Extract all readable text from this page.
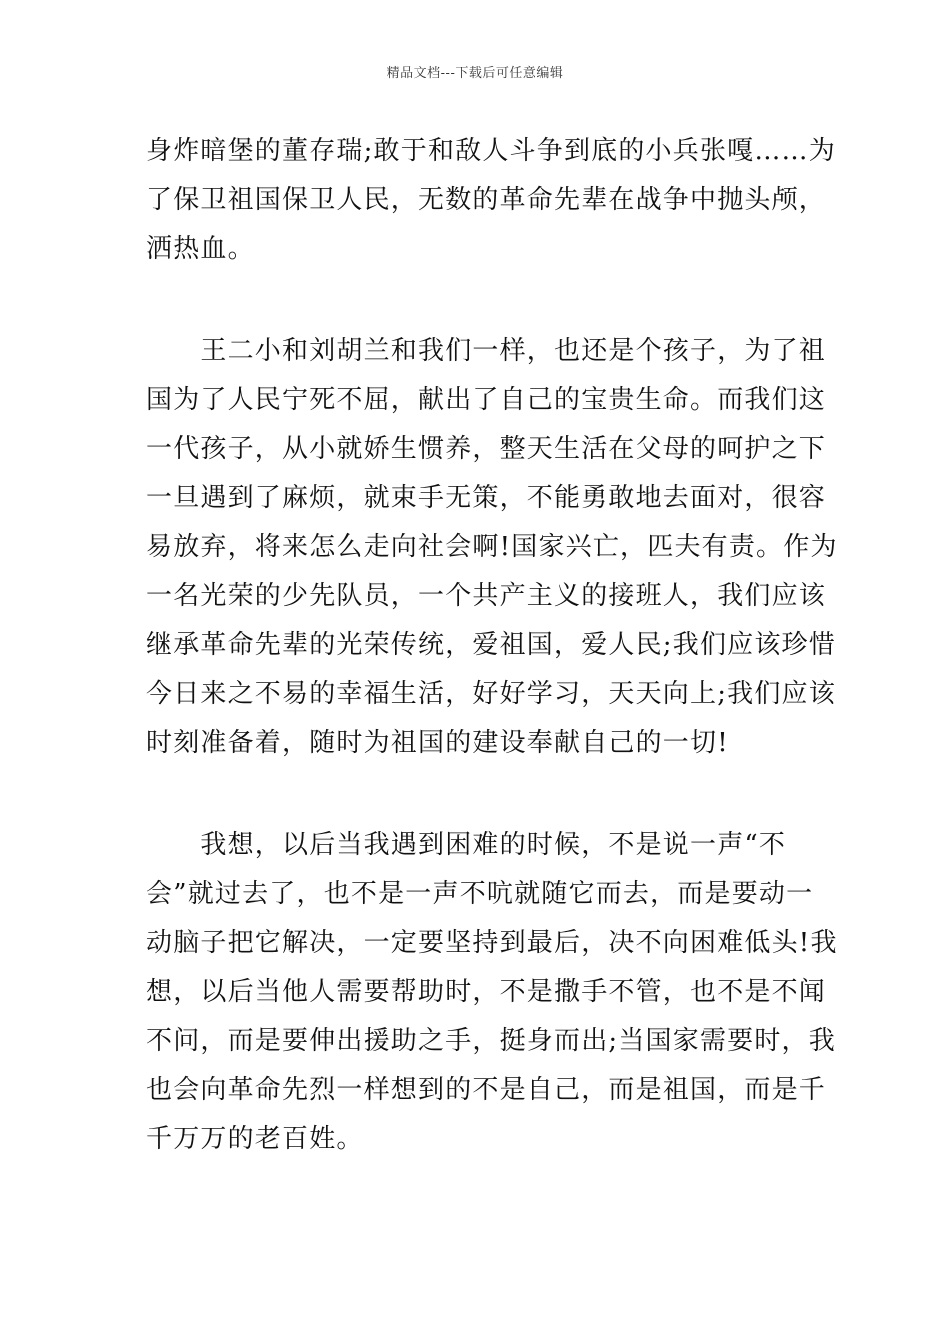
精品文档---下载后可任意编辑
身炸暗堡的董存瑞;敢于和敌人斗争到底的小兵张嘎……为
了保卫祖国保卫人民，无数的革命先辈在战争中抛头颅，
洒热血。
　　王二小和刘胡兰和我们一样，也还是个孩子，为了祖
国为了人民宁死不屈，献出了自己的宝贵生命。而我们这
一代孩子，从小就娇生惯养，整天生活在父母的呵护之下
一旦遇到了麻烦，就束手无策，不能勇敢地去面对，很容
易放弃，将来怎么走向社会啊!国家兴亡，匹夫有责。作为
一名光荣的少先队员，一个共产主义的接班人，我们应该
继承革命先辈的光荣传统，爱祖国，爱人民;我们应该珍惜
今日来之不易的幸福生活，好好学习，天天向上;我们应该
时刻准备着，随时为祖国的建设奉献自己的一切!
　　我想，以后当我遇到困难的时候，不是说一声“不
会”就过去了，也不是一声不吭就随它而去，而是要动一
动脑子把它解决，一定要坚持到最后，决不向困难低头!我
想，以后当他人需要帮助时，不是撒手不管，也不是不闻
不问，而是要伸出援助之手，挺身而出;当国家需要时，我
也会向革命先烈一样想到的不是自己，而是祖国，而是千
千万万的老百姓。
